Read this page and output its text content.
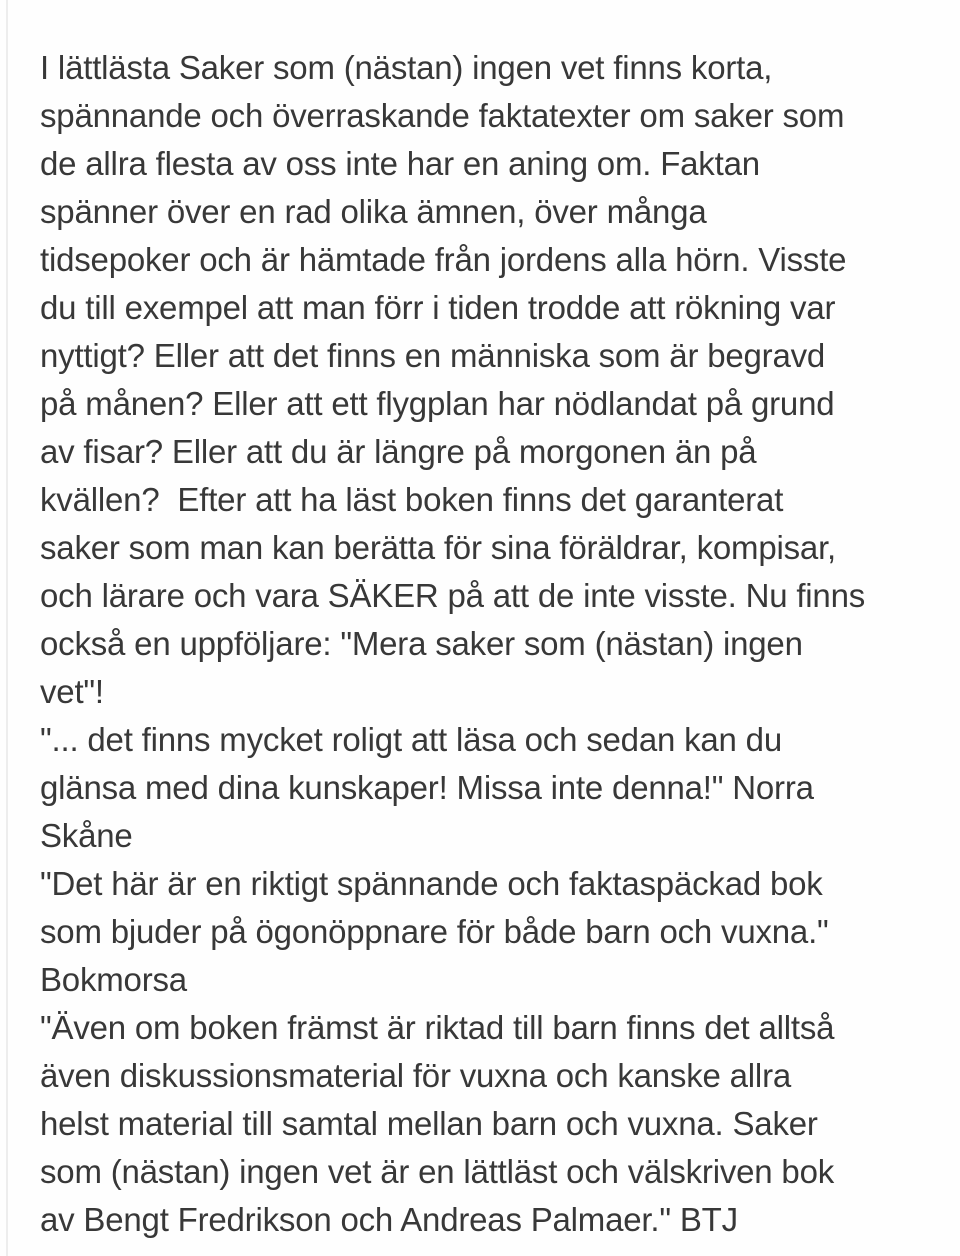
I lättlästa Saker som (nästan) ingen vet finns korta,
spännande och överraskande faktatexter om saker som
de allra flesta av oss inte har en aning om. Faktan
spänner över en rad olika ämnen, över många
tidsepoker och är hämtade från jordens alla hörn. Visste
du till exempel att man förr i tiden trodde att rökning var
nyttigt? Eller att det finns en människa som är begravd
på månen? Eller att ett flygplan har nödlandat på grund
av fisar? Eller att du är längre på morgonen än på
kvällen?  Efter att ha läst boken finns det garanterat
saker som man kan berätta för sina föräldrar, kompisar,
och lärare och vara SÄKER på att de inte visste. Nu finns
också en uppföljare: "Mera saker som (nästan) ingen
vet"!
"... det finns mycket roligt att läsa och sedan kan du
glänsa med dina kunskaper! Missa inte denna!" Norra
Skåne
"Det här är en riktigt spännande och faktaspäckad bok
som bjuder på ögonöppnare för både barn och vuxna."
Bokmorsa
"Även om boken främst är riktad till barn finns det alltså
även diskussionsmaterial för vuxna och kanske allra
helst material till samtal mellan barn och vuxna. Saker
som (nästan) ingen vet är en lättläst och välskriven bok
av Bengt Fredrikson och Andreas Palmaer." BTJ
